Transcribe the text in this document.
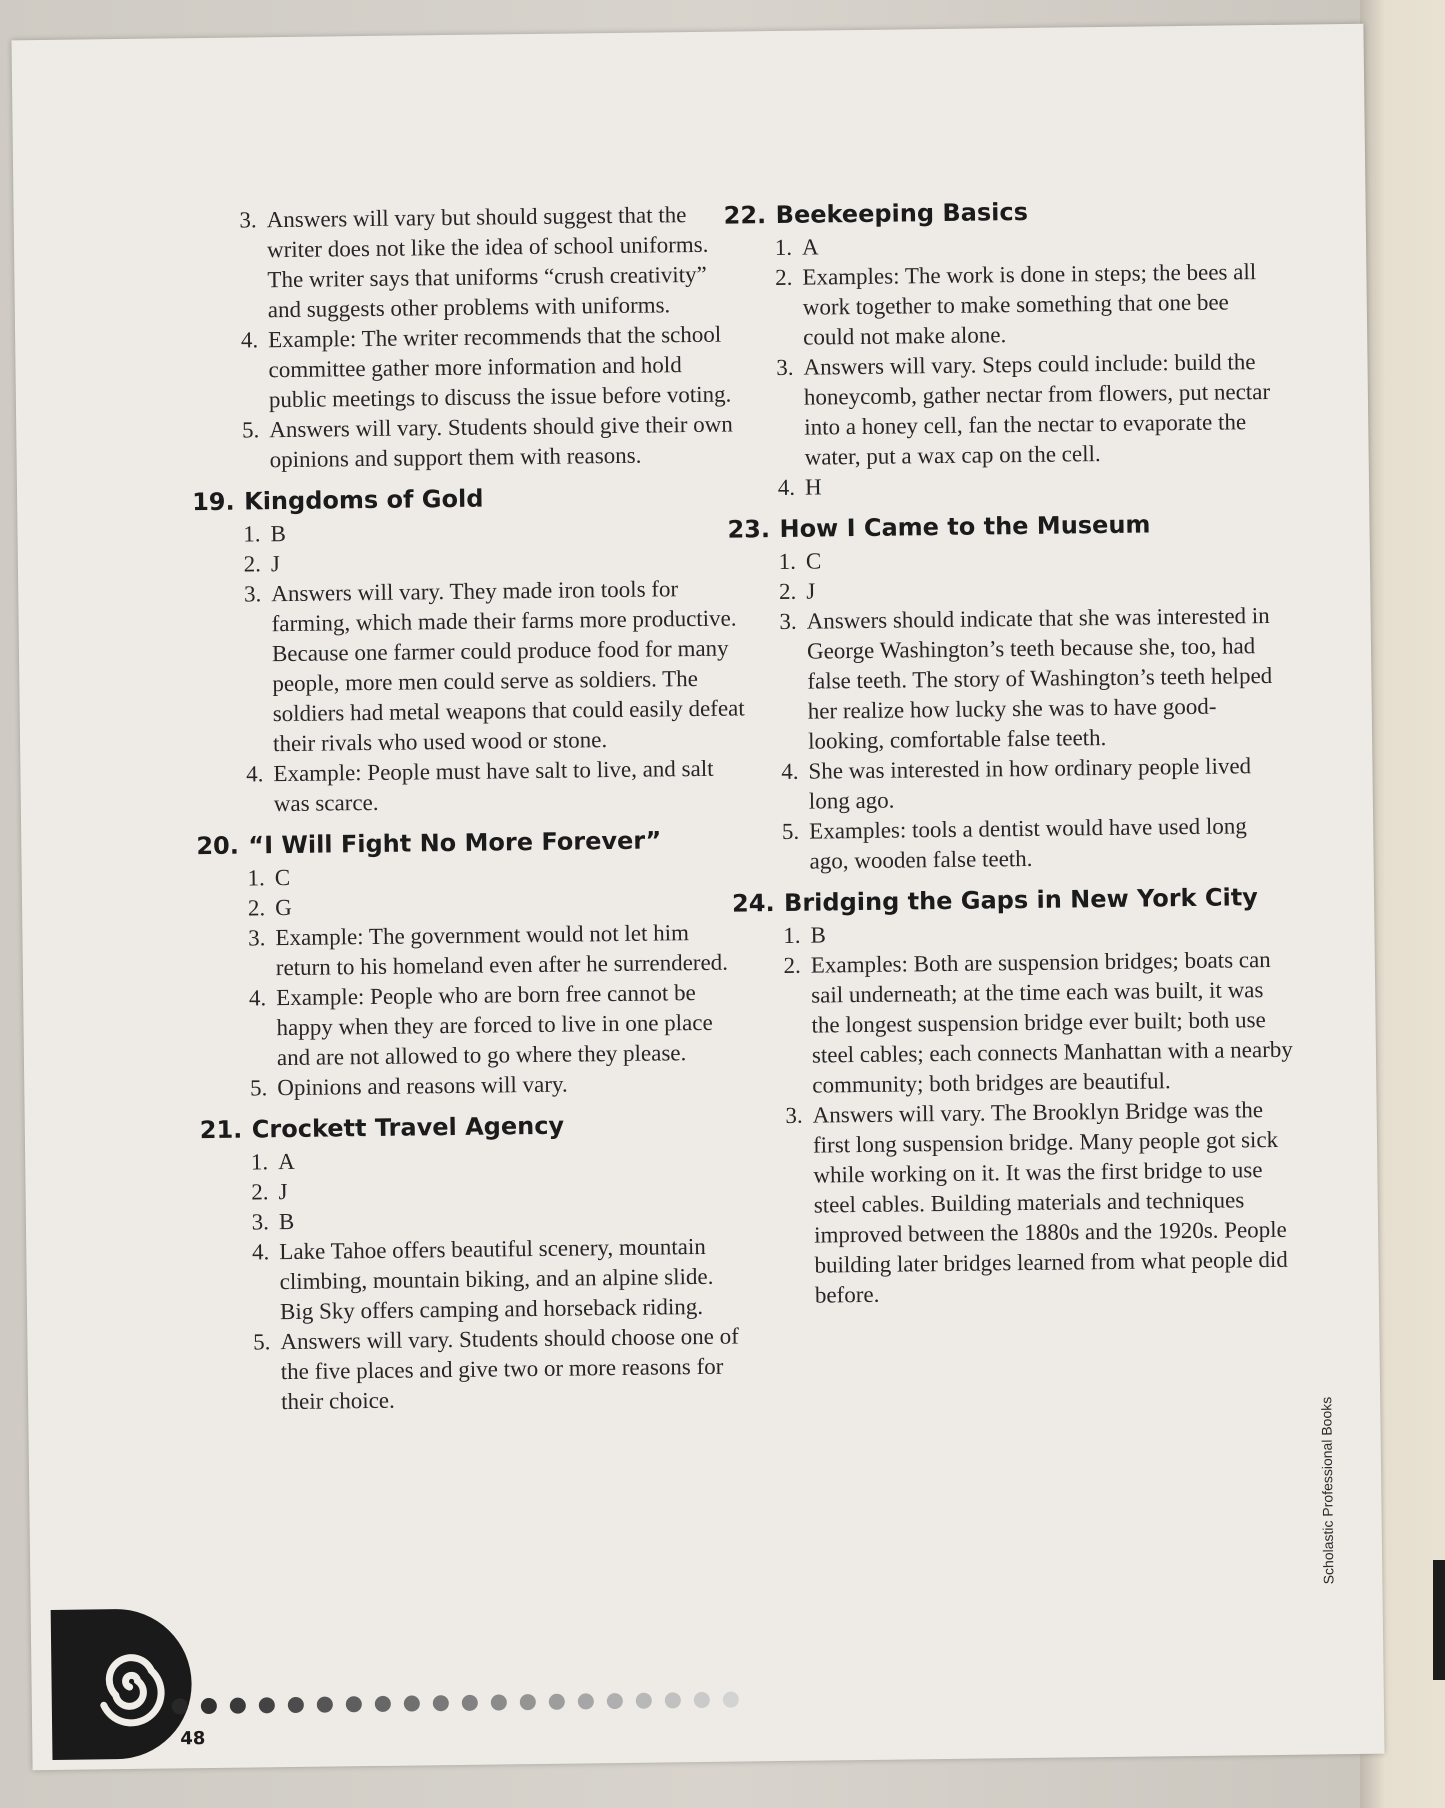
3. Answers will vary but should suggest that the writer does not like the idea of school uniforms. The writer says that uniforms “crush creativity” and suggests other problems with uniforms.
4. Example: The writer recommends that the school committee gather more information and hold public meetings to discuss the issue before voting.
5. Answers will vary. Students should give their own opinions and support them with reasons.
19. Kingdoms of Gold
1. B
2. J
3. Answers will vary. They made iron tools for farming, which made their farms more productive. Because one farmer could produce food for many people, more men could serve as soldiers. The soldiers had metal weapons that could easily defeat their rivals who used wood or stone.
4. Example: People must have salt to live, and salt was scarce.
20. “I Will Fight No More Forever”
1. C
2. G
3. Example: The government would not let him return to his homeland even after he surrendered.
4. Example: People who are born free cannot be happy when they are forced to live in one place and are not allowed to go where they please.
5. Opinions and reasons will vary.
21. Crockett Travel Agency
1. A
2. J
3. B
4. Lake Tahoe offers beautiful scenery, mountain climbing, mountain biking, and an alpine slide. Big Sky offers camping and horseback riding.
5. Answers will vary. Students should choose one of the five places and give two or more reasons for their choice.
22. Beekeeping Basics
1. A
2. Examples: The work is done in steps; the bees all work together to make something that one bee could not make alone.
3. Answers will vary. Steps could include: build the honeycomb, gather nectar from flowers, put nectar into a honey cell, fan the nectar to evaporate the water, put a wax cap on the cell.
4. H
23. How I Came to the Museum
1. C
2. J
3. Answers should indicate that she was interested in George Washington’s teeth because she, too, had false teeth. The story of Washington’s teeth helped her realize how lucky she was to have good-looking, comfortable false teeth.
4. She was interested in how ordinary people lived long ago.
5. Examples: tools a dentist would have used long ago, wooden false teeth.
24. Bridging the Gaps in New York City
1. B
2. Examples: Both are suspension bridges; boats can sail underneath; at the time each was built, it was the longest suspension bridge ever built; both use steel cables; each connects Manhattan with a nearby community; both bridges are beautiful.
3. Answers will vary. The Brooklyn Bridge was the first long suspension bridge. Many people got sick while working on it. It was the first bridge to use steel cables. Building materials and techniques improved between the 1880s and the 1920s. People building later bridges learned from what people did before.
48
Scholastic Professional Books
